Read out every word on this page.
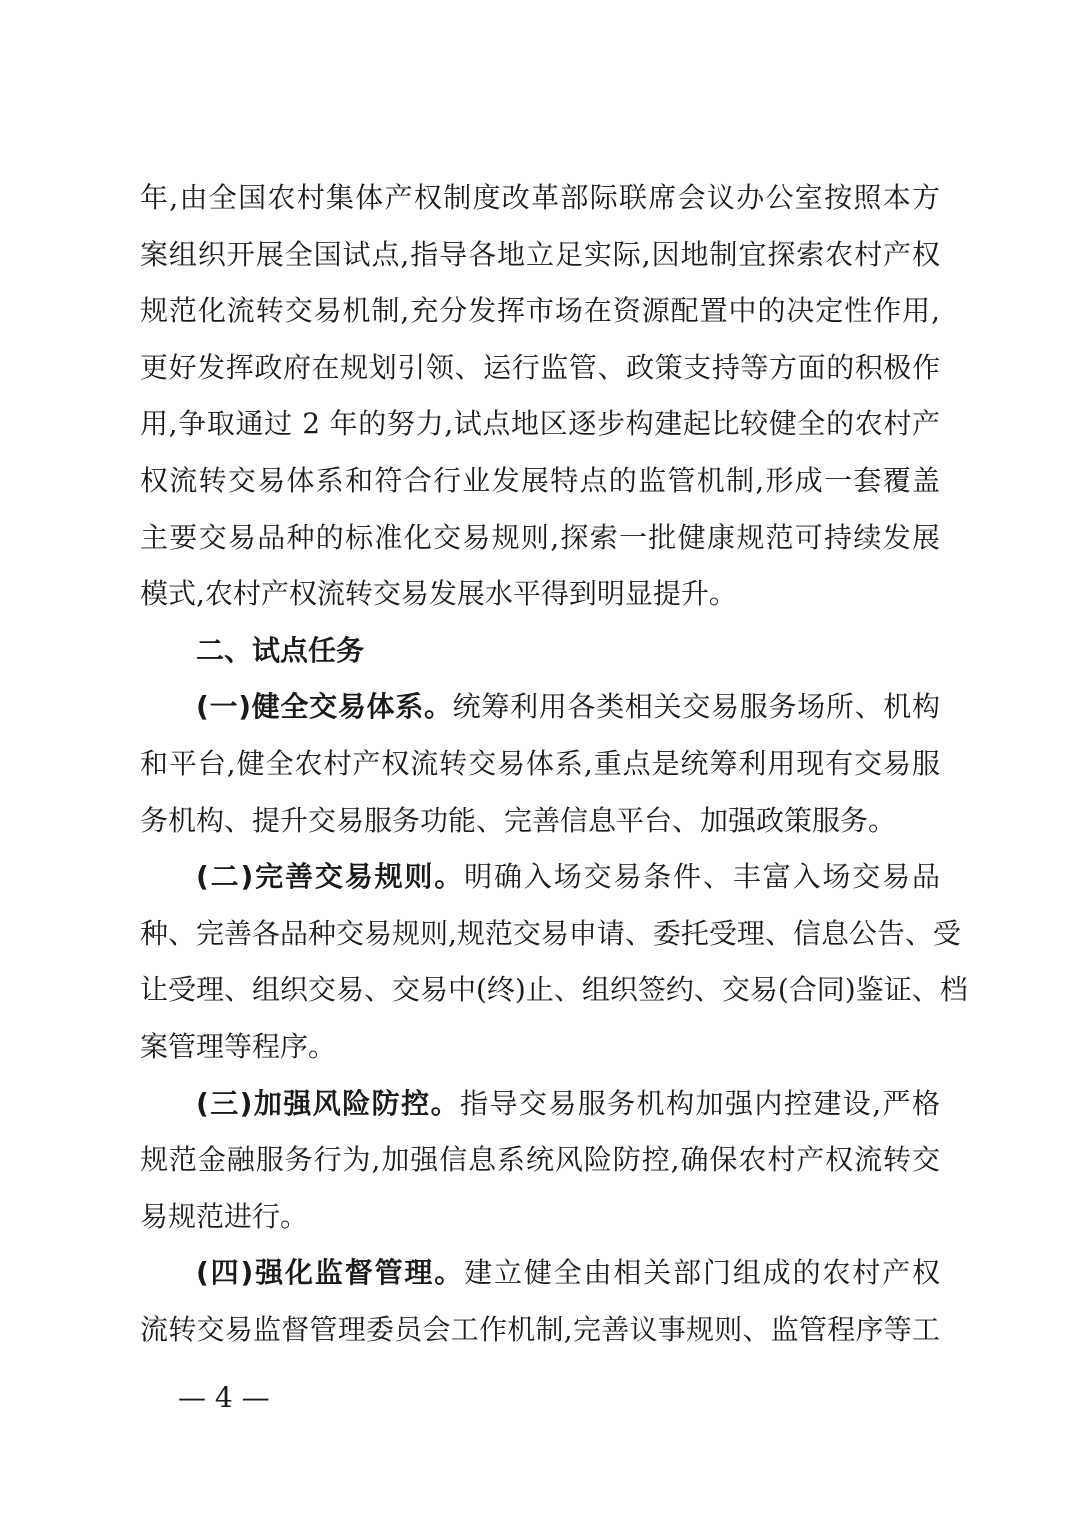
年,由全国农村集体产权制度改革部际联席会议办公室按照本方
案组织开展全国试点,指导各地立足实际,因地制宜探索农村产权
规范化流转交易机制,充分发挥市场在资源配置中的决定性作用,
更好发挥政府在规划引领、运行监管、政策支持等方面的积极作
用,争取通过 2 年的努力,试点地区逐步构建起比较健全的农村产
权流转交易体系和符合行业发展特点的监管机制,形成一套覆盖
主要交易品种的标准化交易规则,探索一批健康规范可持续发展
模式,农村产权流转交易发展水平得到明显提升。
二、试点任务
(一)健全交易体系。统筹利用各类相关交易服务场所、机构
和平台,健全农村产权流转交易体系,重点是统筹利用现有交易服
务机构、提升交易服务功能、完善信息平台、加强政策服务。
(二)完善交易规则。明确入场交易条件、丰富入场交易品
种、完善各品种交易规则,规范交易申请、委托受理、信息公告、受
让受理、组织交易、交易中(终)止、组织签约、交易(合同)鉴证、档
案管理等程序。
(三)加强风险防控。指导交易服务机构加强内控建设,严格
规范金融服务行为,加强信息系统风险防控,确保农村产权流转交
易规范进行。
(四)强化监督管理。建立健全由相关部门组成的农村产权
流转交易监督管理委员会工作机制,完善议事规则、监管程序等工
— 4 —
